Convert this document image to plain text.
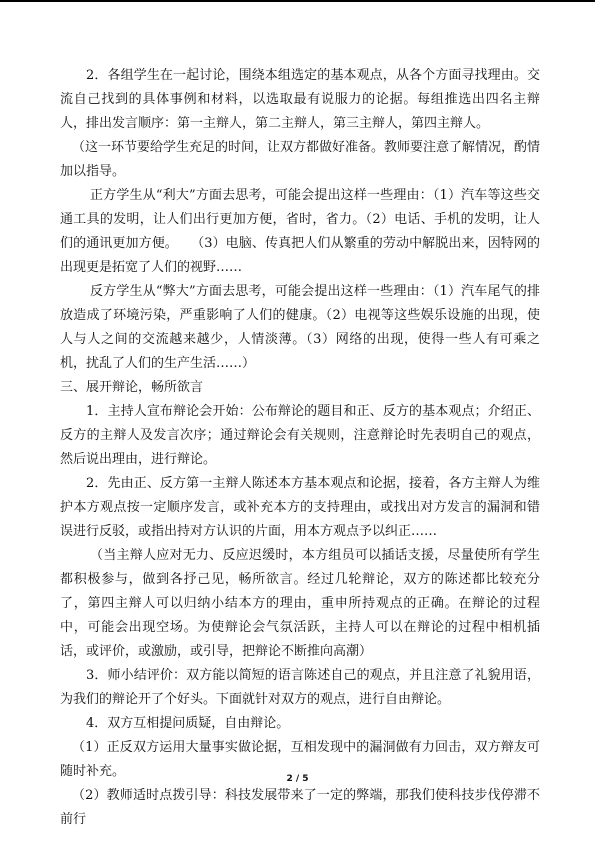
2．各组学生在一起讨论，围绕本组选定的基本观点，从各个方面寻找理由。交流自己找到的具体事例和材料，以选取最有说服力的论据。每组推选出四名主辩人，排出发言顺序：第一主辩人，第二主辩人，第三主辩人，第四主辩人。

（这一环节要给学生充足的时间，让双方都做好准备。教师要注意了解情况，酌情加以指导。

正方学生从“利大”方面去思考，可能会提出这样一些理由：（1）汽车等这些交通工具的发明，让人们出行更加方便，省时，省力。（2）电话、手机的发明，让人们的通讯更加方便。　　（3）电脑、传真把人们从繁重的劳动中解脱出来，因特网的出现更是拓宽了人们的视野……

反方学生从“弊大”方面去思考，可能会提出这样一些理由：（1）汽车尾气的排放造成了环境污染，严重影响了人们的健康。（2）电视等这些娱乐设施的出现，使人与人之间的交流越来越少，人情淡薄。（3）网络的出现，使得一些人有可乘之机，扰乱了人们的生产生活……）

三、展开辩论，畅所欲言

1．主持人宣布辩论会开始：公布辩论的题目和正、反方的基本观点；介绍正、反方的主辩人及发言次序；通过辩论会有关规则，注意辩论时先表明自己的观点，然后说出理由，进行辩论。

2．先由正、反方第一主辩人陈述本方基本观点和论据，接着，各方主辩人为维护本方观点按一定顺序发言，或补充本方的支持理由，或找出对方发言的漏洞和错误进行反驳，或指出持对方认识的片面，用本方观点予以纠正……

（当主辩人应对无力、反应迟缓时，本方组员可以插话支援，尽量使所有学生都积极参与，做到各抒己见，畅所欲言。经过几轮辩论，双方的陈述都比较充分了，第四主辩人可以归纳小结本方的理由，重申所持观点的正确。在辩论的过程中，可能会出现空场。为使辩论会气氛活跃，主持人可以在辩论的过程中相机插话，或评价，或激励，或引导，把辩论不断推向高潮）

3．师小结评价：双方能以简短的语言陈述自己的观点，并且注意了礼貌用语，为我们的辩论开了个好头。下面就针对双方的观点，进行自由辩论。

4．双方互相提问质疑，自由辩论。

（1）正反双方运用大量事实做论据，互相发现中的漏洞做有力回击，双方辩友可随时补充。

（2）教师适时点拨引导：科技发展带来了一定的弊端，那我们使科技步伐停滞不前行

2 / 5
